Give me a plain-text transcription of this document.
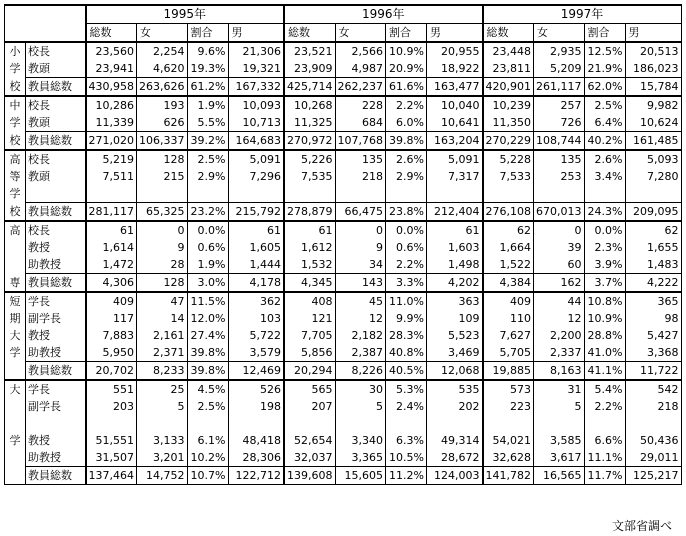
		1995年				1996年				1997年			
		総数	女	割合	男	総数	女	割合	男	総数	女	割合	男
小	校長	23,560	2,254	9.6%	21,306	23,521	2,566	10.9%	20,955	23,448	2,935	12.5%	20,513
学	教頭	23,941	4,620	19.3%	19,321	23,909	4,987	20.9%	18,922	23,811	5,209	21.9%	186,023
校	教員総数	430,958	263,626	61.2%	167,332	425,714	262,237	61.6%	163,477	420,901	261,117	62.0%	15,784
中	校長	10,286	193	1.9%	10,093	10,268	228	2.2%	10,040	10,239	257	2.5%	9,982
学	教頭	11,339	626	5.5%	10,713	11,325	684	6.0%	10,641	11,350	726	6.4%	10,624
校	教員総数	271,020	106,337	39.2%	164,683	270,972	107,768	39.8%	163,204	270,229	108,744	40.2%	161,485
高	校長	5,219	128	2.5%	5,091	5,226	135	2.6%	5,091	5,228	135	2.6%	5,093
等	教頭	7,511	215	2.9%	7,296	7,535	218	2.9%	7,317	7,533	253	3.4%	7,280
学													
校	教員総数	281,117	65,325	23.2%	215,792	278,879	66,475	23.8%	212,404	276,108	670,013	24.3%	209,095
高	校長	61	0	0.0%	61	61	0	0.0%	61	62	0	0.0%	62
	教授	1,614	9	0.6%	1,605	1,612	9	0.6%	1,603	1,664	39	2.3%	1,655
	助教授	1,472	28	1.9%	1,444	1,532	34	2.2%	1,498	1,522	60	3.9%	1,483
専	教員総数	4,306	128	3.0%	4,178	4,345	143	3.3%	4,202	4,384	162	3.7%	4,222
短	学長	409	47	11.5%	362	408	45	11.0%	363	409	44	10.8%	365
期	副学長	117	14	12.0%	103	121	12	9.9%	109	110	12	10.9%	98
大	教授	7,883	2,161	27.4%	5,722	7,705	2,182	28.3%	5,523	7,627	2,200	28.8%	5,427
学	助教授	5,950	2,371	39.8%	3,579	5,856	2,387	40.8%	3,469	5,705	2,337	41.0%	3,368
	教員総数	20,702	8,233	39.8%	12,469	20,294	8,226	40.5%	12,068	19,885	8,163	41.1%	11,722
大	学長	551	25	4.5%	526	565	30	5.3%	535	573	31	5.4%	542
	副学長	203	5	2.5%	198	207	5	2.4%	202	223	5	2.2%	218

学	教授	51,551	3,133	6.1%	48,418	52,654	3,340	6.3%	49,314	54,021	3,585	6.6%	50,436
	助教授	31,507	3,201	10.2%	28,306	32,037	3,365	10.5%	28,672	32,628	3,617	11.1%	29,011
	教員総数	137,464	14,752	10.7%	122,712	139,608	15,605	11.2%	124,003	141,782	16,565	11.7%	125,217
文部省調べ
